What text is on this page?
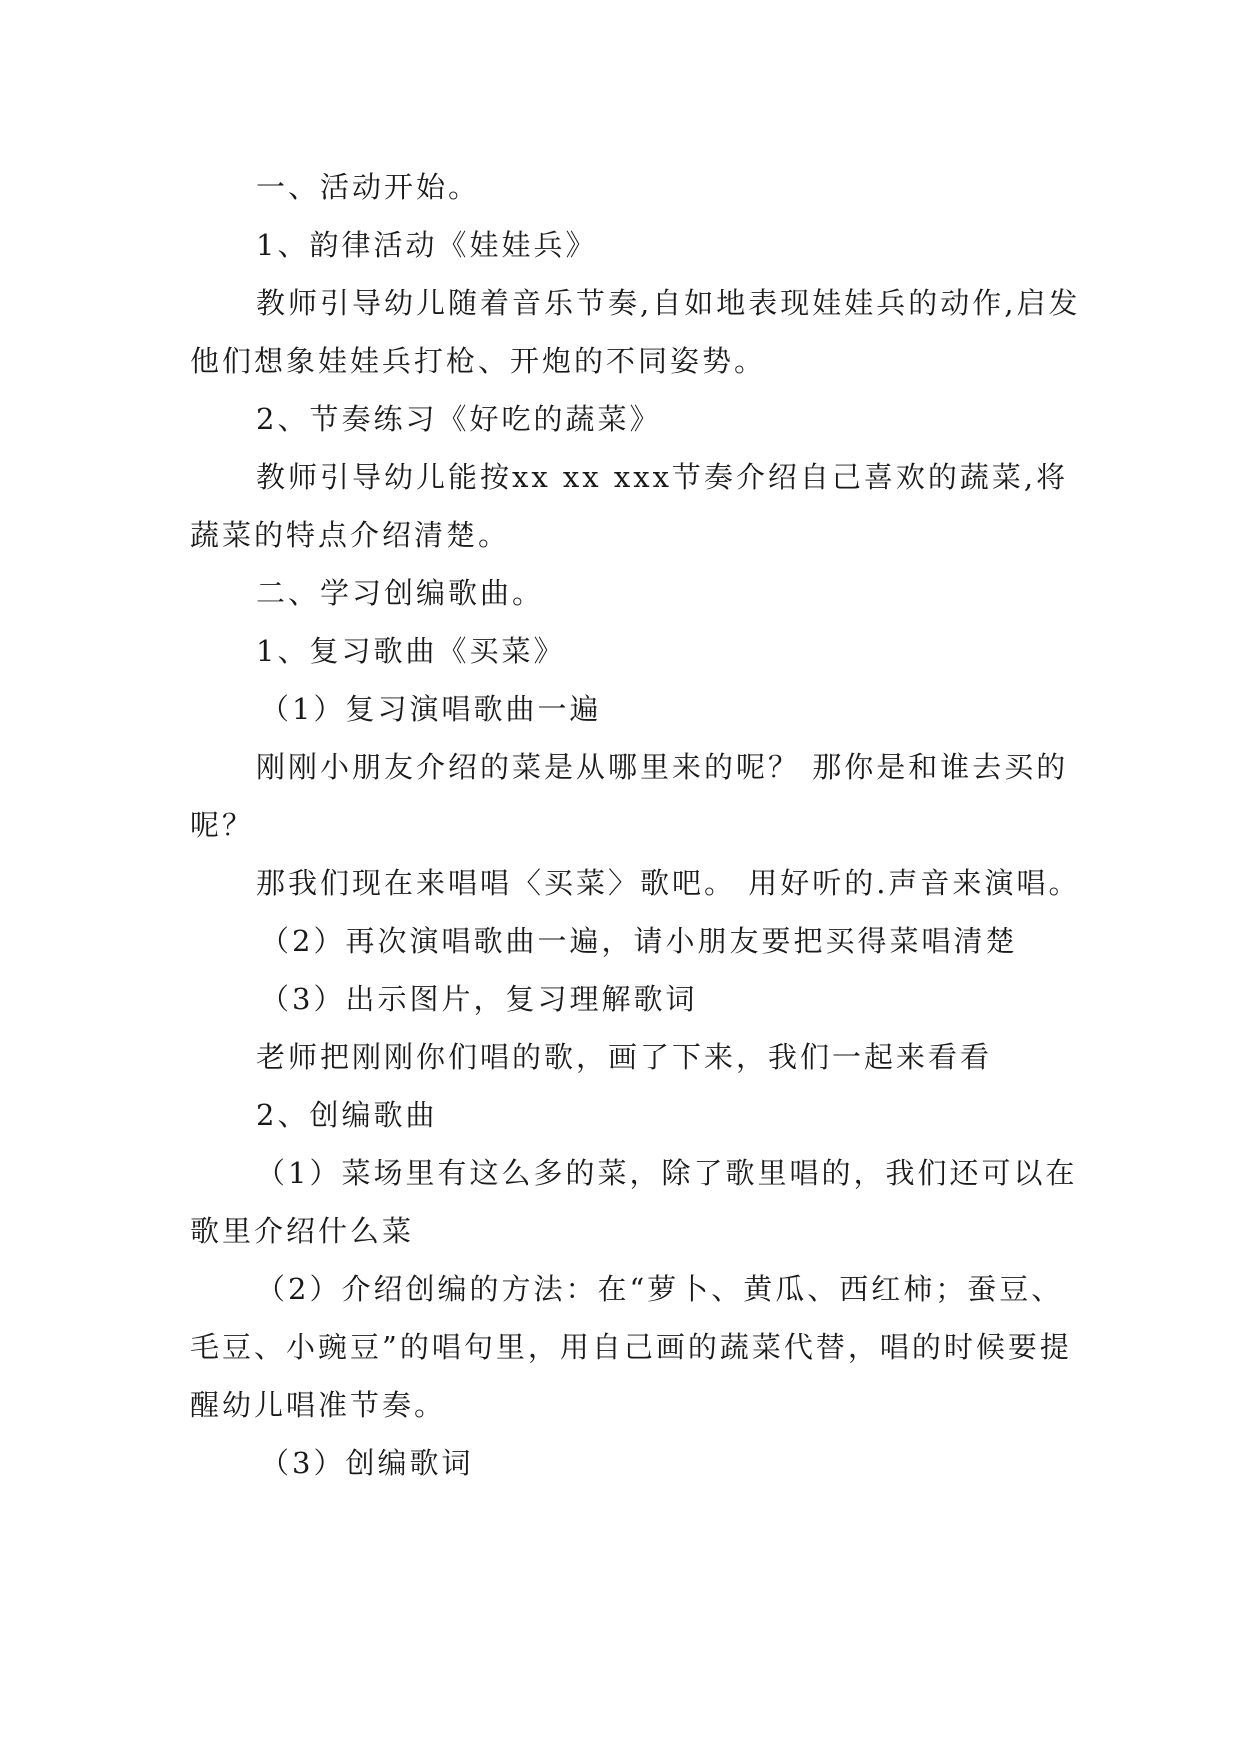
一、活动开始。

1、韵律活动《娃娃兵》

教师引导幼儿随着音乐节奏,自如地表现娃娃兵的动作,启发他们想象娃娃兵打枪、开炮的不同姿势。

2、节奏练习《好吃的蔬菜》

教师引导幼儿能按xx xx xxx节奏介绍自己喜欢的蔬菜,将蔬菜的特点介绍清楚。

二、学习创编歌曲。

1、复习歌曲《买菜》

（1）复习演唱歌曲一遍

刚刚小朋友介绍的菜是从哪里来的呢？ 那你是和谁去买的呢？

那我们现在来唱唱〈买菜〉歌吧。 用好听的.声音来演唱。

（2）再次演唱歌曲一遍，请小朋友要把买得菜唱清楚

（3）出示图片，复习理解歌词

老师把刚刚你们唱的歌，画了下来，我们一起来看看

2、创编歌曲

（1）菜场里有这么多的菜，除了歌里唱的，我们还可以在歌里介绍什么菜

（2）介绍创编的方法：在“萝卜、黄瓜、西红柿；蚕豆、毛豆、小豌豆”的唱句里，用自己画的蔬菜代替，唱的时候要提醒幼儿唱准节奏。

（3）创编歌词
